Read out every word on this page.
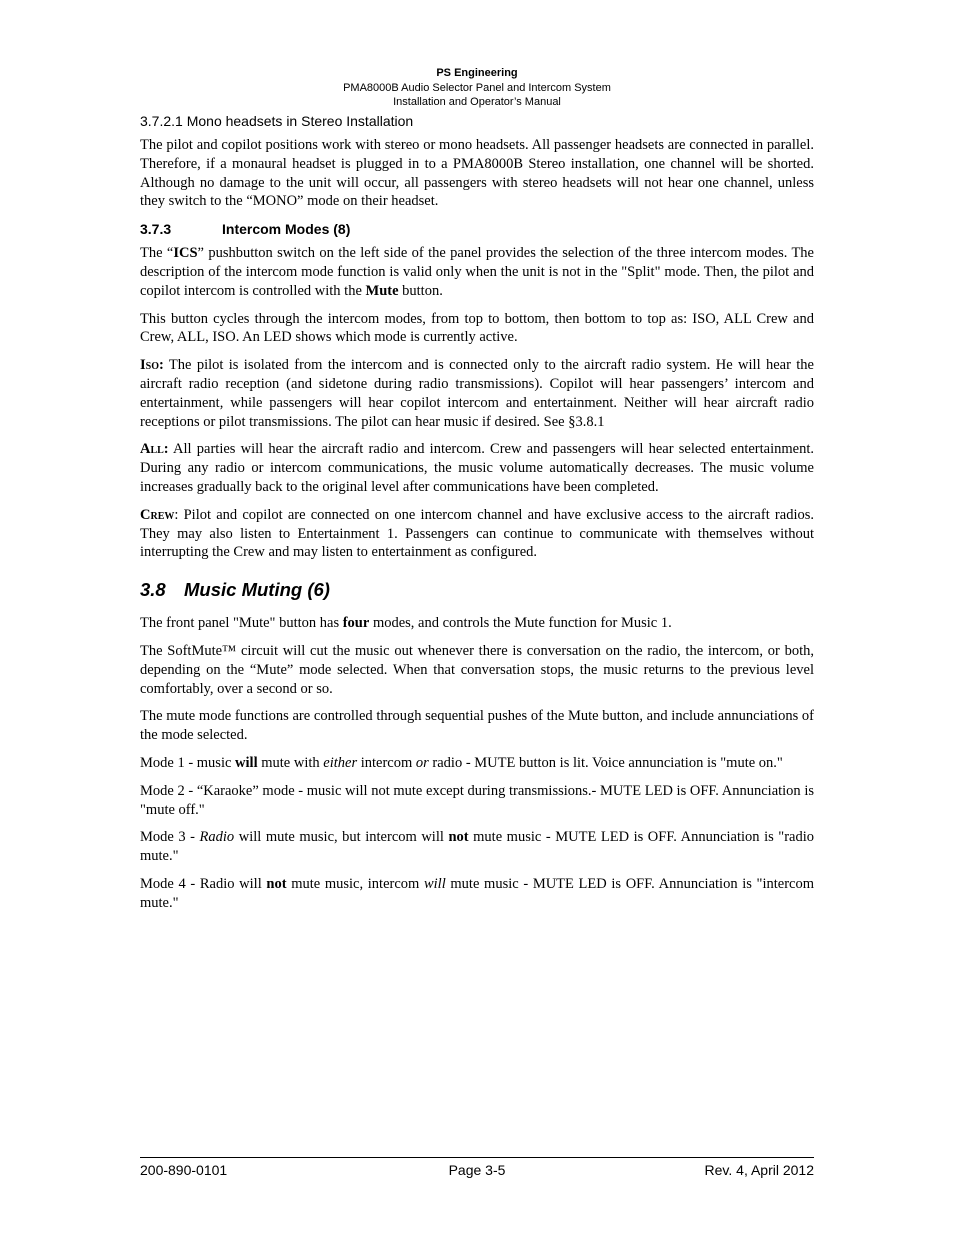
PS Engineering
PMA8000B Audio Selector Panel and Intercom System
Installation and Operator’s Manual
3.7.2.1 Mono headsets in Stereo Installation

The pilot and copilot positions work with stereo or mono headsets. All passenger headsets are connected in parallel. Therefore, if a monaural headset is plugged in to a PMA8000B Stereo installation, one channel will be shorted. Although no damage to the unit will occur, all passengers with stereo headsets will not hear one channel, unless they switch to the “MONO” mode on their headset.

3.7.3	Intercom Modes (8)

The “ICS” pushbutton switch on the left side of the panel provides the selection of the three intercom modes. The description of the intercom mode function is valid only when the unit is not in the "Split" mode. Then, the pilot and copilot intercom is controlled with the Mute button.

This button cycles through the intercom modes, from top to bottom, then bottom to top as: ISO, ALL Crew and Crew, ALL, ISO. An LED shows which mode is currently active.

Iso: The pilot is isolated from the intercom and is connected only to the aircraft radio system. He will hear the aircraft radio reception (and sidetone during radio transmissions). Copilot will hear passengers’ intercom and entertainment, while passengers will hear copilot intercom and entertainment. Neither will hear aircraft radio receptions or pilot transmissions. The pilot can hear music if desired. See §3.8.1

All: All parties will hear the aircraft radio and intercom. Crew and passengers will hear selected entertainment. During any radio or intercom communications, the music volume automatically decreases. The music volume increases gradually back to the original level after communications have been completed.

Crew: Pilot and copilot are connected on one intercom channel and have exclusive access to the aircraft radios. They may also listen to Entertainment 1. Passengers can continue to communicate with themselves without interrupting the Crew and may listen to entertainment as configured.

3.8 Music Muting (6)

The front panel "Mute" button has four modes, and controls the Mute function for Music 1.

The SoftMute™ circuit will cut the music out whenever there is conversation on the radio, the intercom, or both, depending on the “Mute” mode selected. When that conversation stops, the music returns to the previous level comfortably, over a second or so.

The mute mode functions are controlled through sequential pushes of the Mute button, and include annunciations of the mode selected.

Mode 1 - music will mute with either intercom or radio - MUTE button is lit. Voice annunciation is "mute on."

Mode 2 - “Karaoke” mode - music will not mute except during transmissions.- MUTE LED is OFF. Annunciation is "mute off."

Mode 3 - Radio will mute music, but intercom will not mute music - MUTE LED is OFF. Annunciation is "radio mute."

Mode 4 - Radio will not mute music, intercom will mute music - MUTE LED is OFF. Annunciation is "intercom mute."

200-890-0101	Page 3-5	Rev. 4, April 2012
